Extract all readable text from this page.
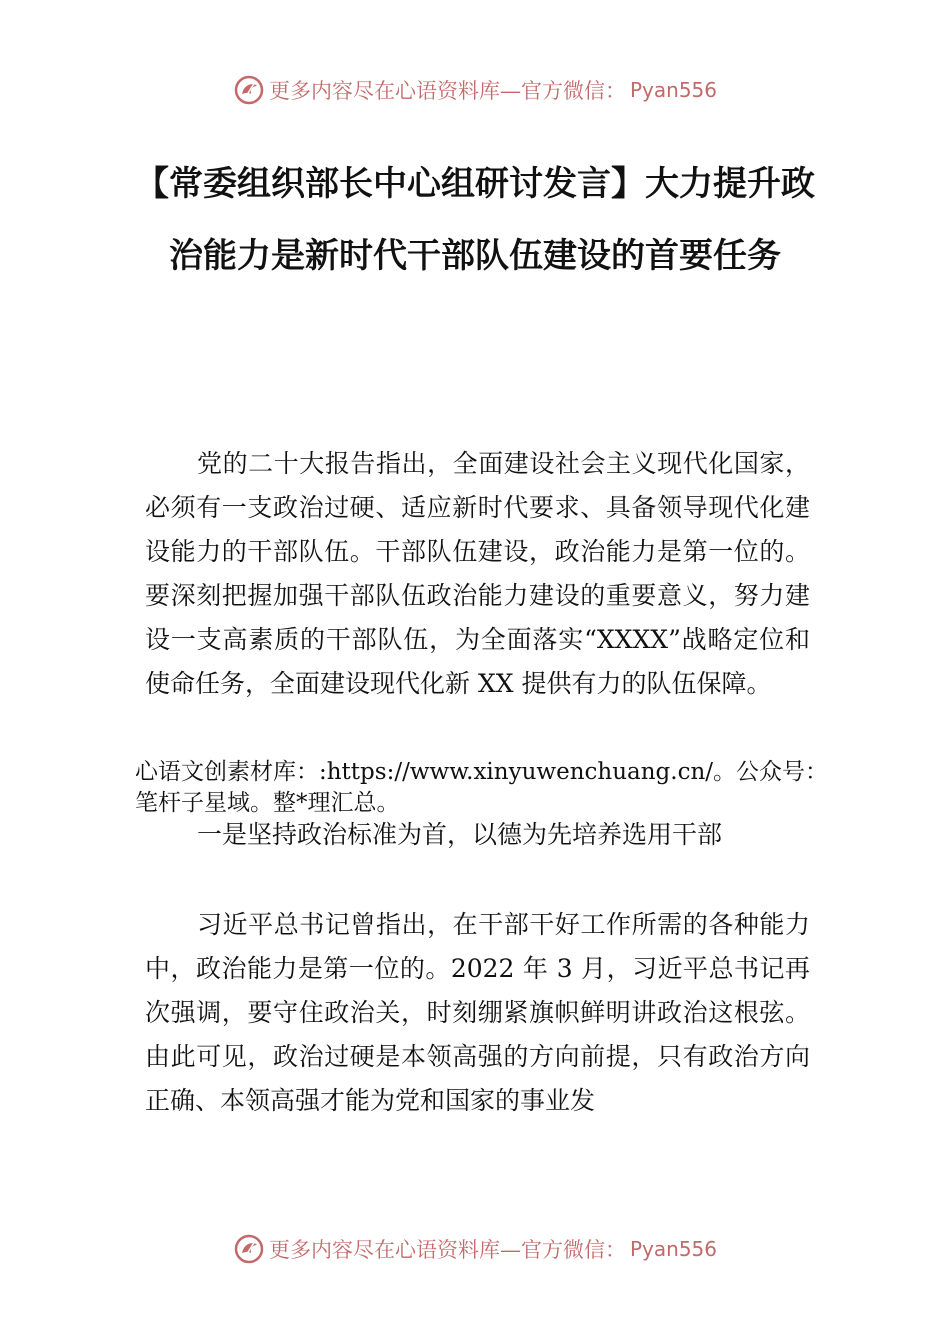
更多内容尽在心语资料库—官方微信： Pyan556
【常委组织部长中心组研讨发言】大力提升政治能力是新时代干部队伍建设的首要任务

党的二十大报告指出，全面建设社会主义现代化国家，必须有一支政治过硬、适应新时代要求、具备领导现代化建设能力的干部队伍。干部队伍建设，政治能力是第一位的。要深刻把握加强干部队伍政治能力建设的重要意义，努力建设一支高素质的干部队伍，为全面落实“XXXX”战略定位和使命任务，全面建设现代化新 XX 提供有力的队伍保障。

心语文创素材库：:https://www.xinyuwenchuang.cn/。公众号：笔杆子星域。整*理汇总。

一是坚持政治标准为首，以德为先培养选用干部

习近平总书记曾指出，在干部干好工作所需的各种能力中，政治能力是第一位的。2022 年 3 月，习近平总书记再次强调，要守住政治关，时刻绷紧旗帜鲜明讲政治这根弦。由此可见，政治过硬是本领高强的方向前提，只有政治方向正确、本领高强才能为党和国家的事业发

更多内容尽在心语资料库—官方微信： Pyan556
